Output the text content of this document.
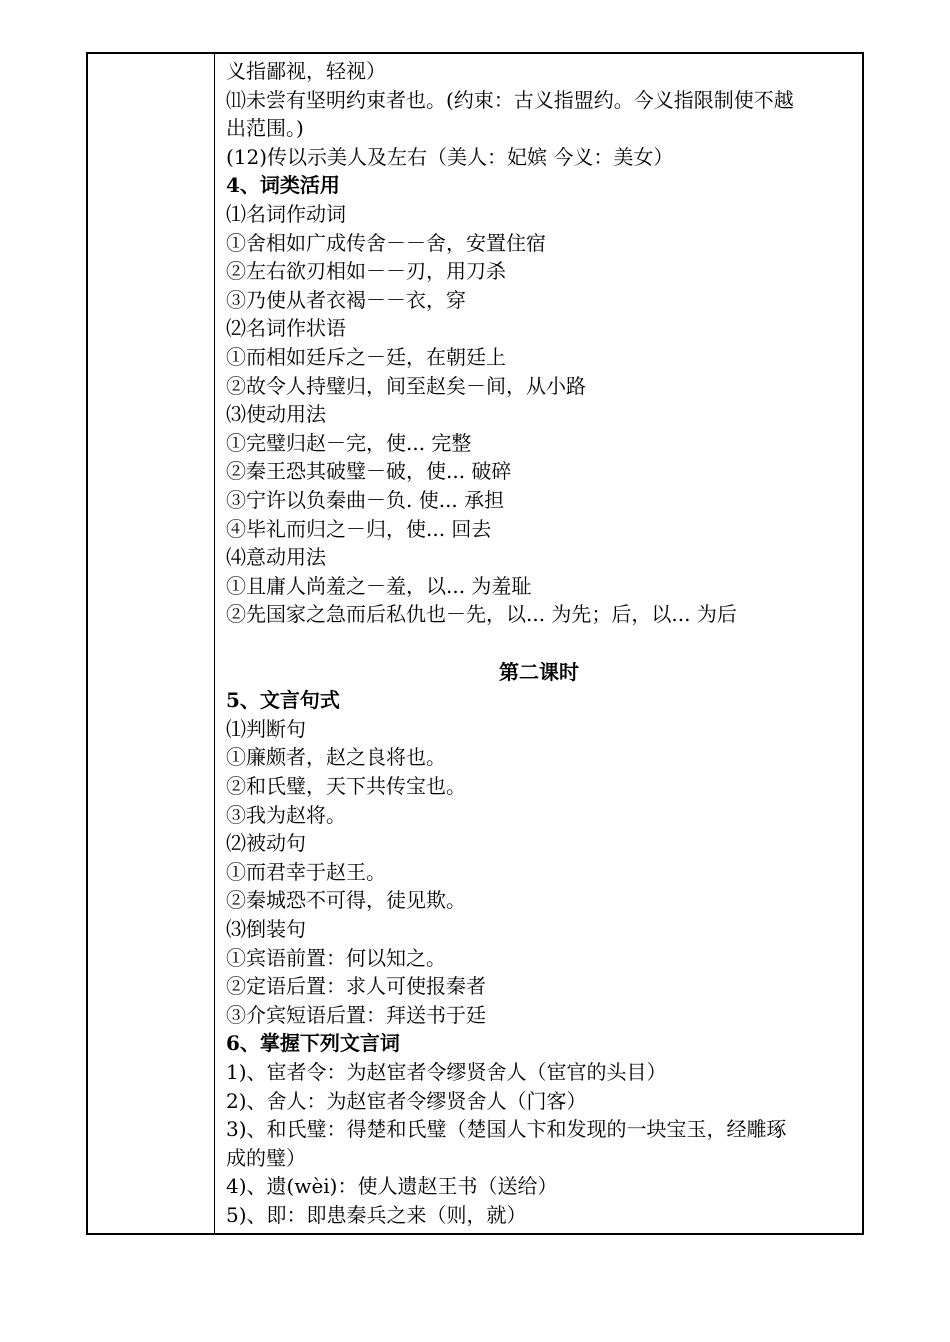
义指鄙视，轻视）
⑾未尝有坚明约束者也。(约束：古义指盟约。今义指限制使不越
出范围。)
(12)传以示美人及左右（美人：妃嫔 今义：美女）
4、词类活用
⑴名词作动词
①舍相如广成传舍－－舍，安置住宿
②左右欲刃相如－－刃，用刀杀
③乃使从者衣褐－－衣，穿
⑵名词作状语
①而相如廷斥之－廷，在朝廷上
②故令人持璧归，间至赵矣－间，从小路
⑶使动用法
①完璧归赵－完，使... 完整
②秦王恐其破璧－破，使... 破碎
③宁许以负秦曲－负. 使... 承担
④毕礼而归之－归，使... 回去
⑷意动用法
①且庸人尚羞之－羞，以... 为羞耻
②先国家之急而后私仇也－先，以... 为先；后，以... 为后
第二课时
5、文言句式
⑴判断句
①廉颇者，赵之良将也。
②和氏璧，天下共传宝也。
③我为赵将。
⑵被动句
①而君幸于赵王。
②秦城恐不可得，徒见欺。
⑶倒装句
①宾语前置：何以知之。
②定语后置：求人可使报秦者
③介宾短语后置：拜送书于廷
6、掌握下列文言词
1)、宦者令：为赵宦者令缪贤舍人（宦官的头目）
2)、舍人：为赵宦者令缪贤舍人（门客）
3)、和氏璧：得楚和氏璧（楚国人卞和发现的一块宝玉，经雕琢
成的璧）
4)、遗(wèi)：使人遗赵王书（送给）
5)、即：即患秦兵之来（则，就）
